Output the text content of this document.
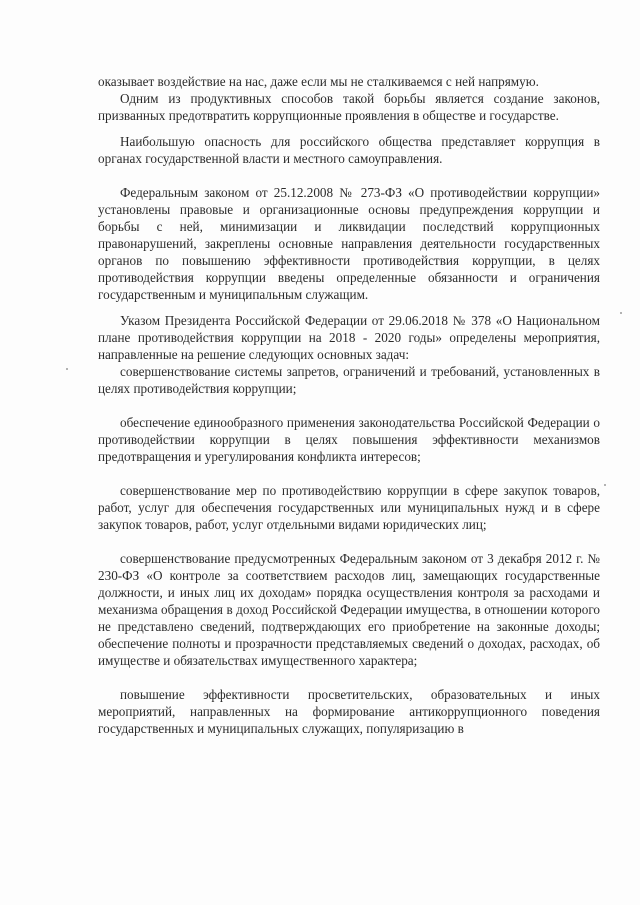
оказывает воздействие на нас, даже если мы не сталкиваемся с ней напрямую.

Одним из продуктивных способов такой борьбы является создание законов, призванных предотвратить коррупционные проявления в обществе и государстве.

Наибольшую опасность для российского общества представляет коррупция в органах государственной власти и местного самоуправления.

Федеральным законом от 25.12.2008 № 273-ФЗ «О противодействии коррупции» установлены правовые и организационные основы предупреждения коррупции и борьбы с ней, минимизации и ликвидации последствий коррупционных правонарушений, закреплены основные направления деятельности государственных органов по повышению эффективности противодействия коррупции, в целях противодействия коррупции введены определенные обязанности и ограничения государственным и муниципальным служащим.

Указом Президента Российской Федерации от 29.06.2018 № 378 «О Национальном плане противодействия коррупции на 2018 - 2020 годы» определены мероприятия, направленные на решение следующих основных задач:

совершенствование системы запретов, ограничений и требований, установленных в целях противодействия коррупции;

обеспечение единообразного применения законодательства Российской Федерации о противодействии коррупции в целях повышения эффективности механизмов предотвращения и урегулирования конфликта интересов;

совершенствование мер по противодействию коррупции в сфере закупок товаров, работ, услуг для обеспечения государственных или муниципальных нужд и в сфере закупок товаров, работ, услуг отдельными видами юридических лиц;

совершенствование предусмотренных Федеральным законом от 3 декабря 2012 г. № 230-ФЗ «О контроле за соответствием расходов лиц, замещающих государственные должности, и иных лиц их доходам» порядка осуществления контроля за расходами и механизма обращения в доход Российской Федерации имущества, в отношении которого не представлено сведений, подтверждающих его приобретение на законные доходы; обеспечение полноты и прозрачности представляемых сведений о доходах, расходах, об имуществе и обязательствах имущественного характера;

повышение эффективности просветительских, образовательных и иных мероприятий, направленных на формирование антикоррупционного поведения государственных и муниципальных служащих, популяризацию в
